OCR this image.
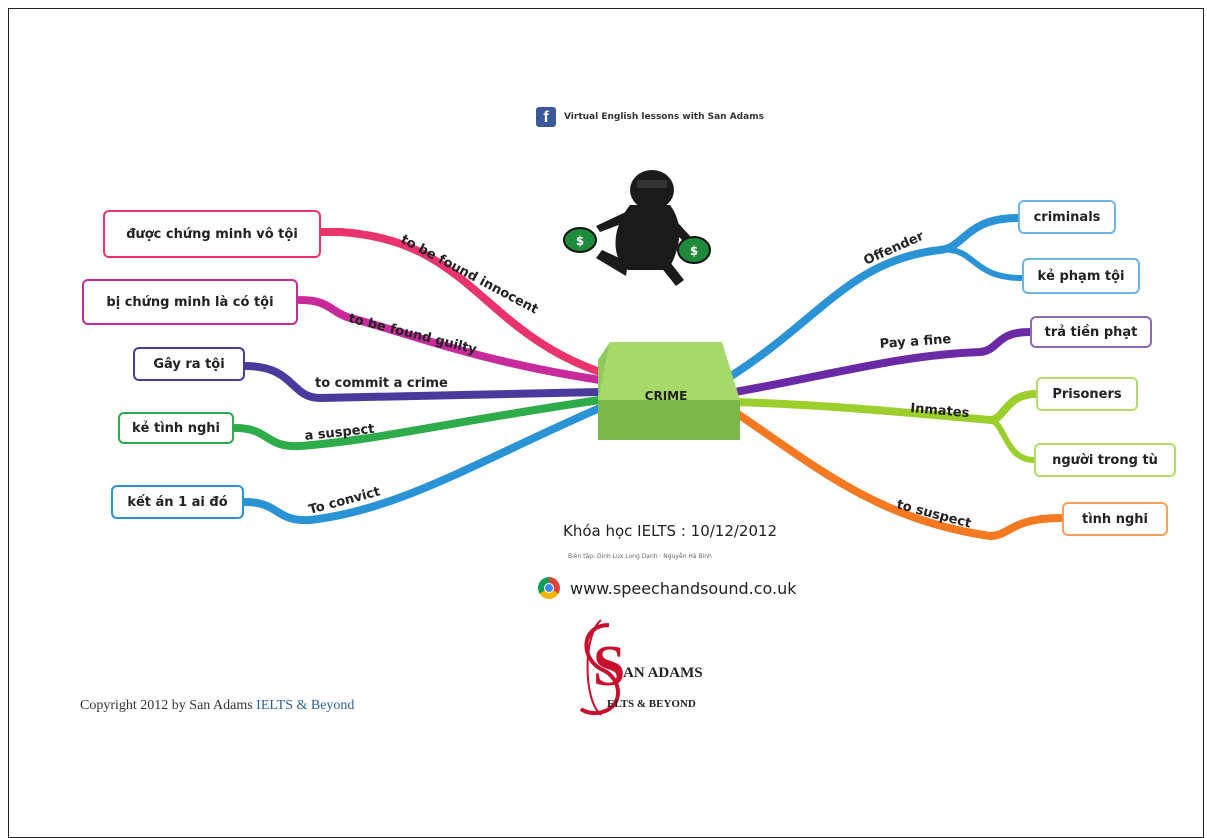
to be found innocent
to be found guilty
to commit a crime
a suspect
To convict
Offender
Pay a fine
Inmates
to suspect
CRIME
$
$
f	Virtual English lessons with San Adams
được chứng minh vô tội
bị chứng minh là có tội
Gây ra tội
kẻ tình nghi
kết án 1 ai đó
criminals
kẻ phạm tội
trả tiền phạt
Prisoners
người trong tù
tình nghi
Khóa học IELTS : 10/12/2012
Biên tập: Dinh Lux Long Dạnh · Nguyễn Hà Bình
www.speechandsound.co.uk
S
AN ADAMS
ELTS & BEYOND
Copyright 2012 by San Adams IELTS & Beyond
